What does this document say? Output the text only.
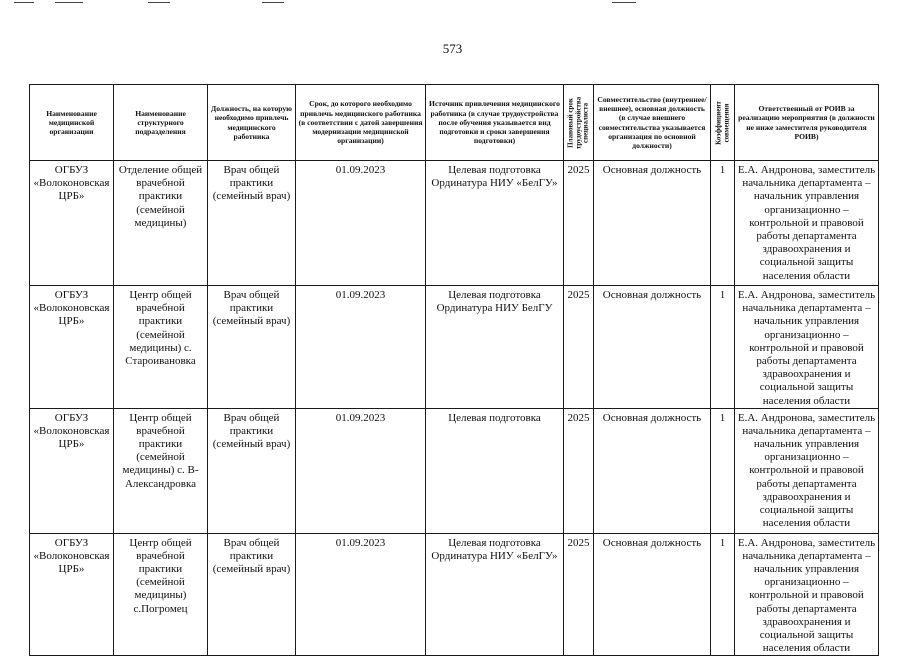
573
Наименование медицинской организации	Наименование структурного подразделения	Должность, на которую необходимо привлечь медицинского работника	Срок, до которого необходимо привлечь медицинского работника (в соответствии с датой завершения модернизации медицинской организации)	Источник привлечения медицинского работника (в случае трудоустройства после обучения указывается вид подготовки и сроки завершения подготовки)	Плановый срок трудоустройства специалиста	Совместительство (внутреннее/ внешнее), основная должность (в случае внешнего совместительства указывается организация по основной должности)	Коэффициент совмещения	Ответственный от РОИВ за реализацию мероприятия (в должности не ниже заместителя руководителя РОИВ)
ОГБУЗ «Волоконовская ЦРБ»	Отделение общей врачебной практики (семейной медицины)	Врач общей практики (семейный врач)	01.09.2023	Целевая подготовка Ординатура НИУ «БелГУ»	2025	Основная должность	1	Е.А. Андронова, заместитель начальника департамента – начальник управления организационно – контрольной и правовой работы департамента здравоохранения и социальной защиты населения области
ОГБУЗ «Волоконовская ЦРБ»	Центр общей врачебной практики (семейной медицины) с. Староивановка	Врач общей практики (семейный врач)	01.09.2023	Целевая подготовка Ординатура НИУ БелГУ	2025	Основная должность	1	Е.А. Андронова, заместитель начальника департамента – начальник управления организационно – контрольной и правовой работы департамента здравоохранения и социальной защиты населения области
ОГБУЗ «Волоконовская ЦРБ»	Центр общей врачебной практики (семейной медицины) с. В-Александровка	Врач общей практики (семейный врач)	01.09.2023	Целевая подготовка	2025	Основная должность	1	Е.А. Андронова, заместитель начальника департамента – начальник управления организационно – контрольной и правовой работы департамента здравоохранения и социальной защиты населения области
ОГБУЗ «Волоконовская ЦРБ»	Центр общей врачебной практики (семейной медицины) с.Погромец	Врач общей практики (семейный врач)	01.09.2023	Целевая подготовка Ординатура НИУ «БелГУ»	2025	Основная должность	1	Е.А. Андронова, заместитель начальника департамента – начальник управления организационно – контрольной и правовой работы департамента здравоохранения и социальной защиты населения области
